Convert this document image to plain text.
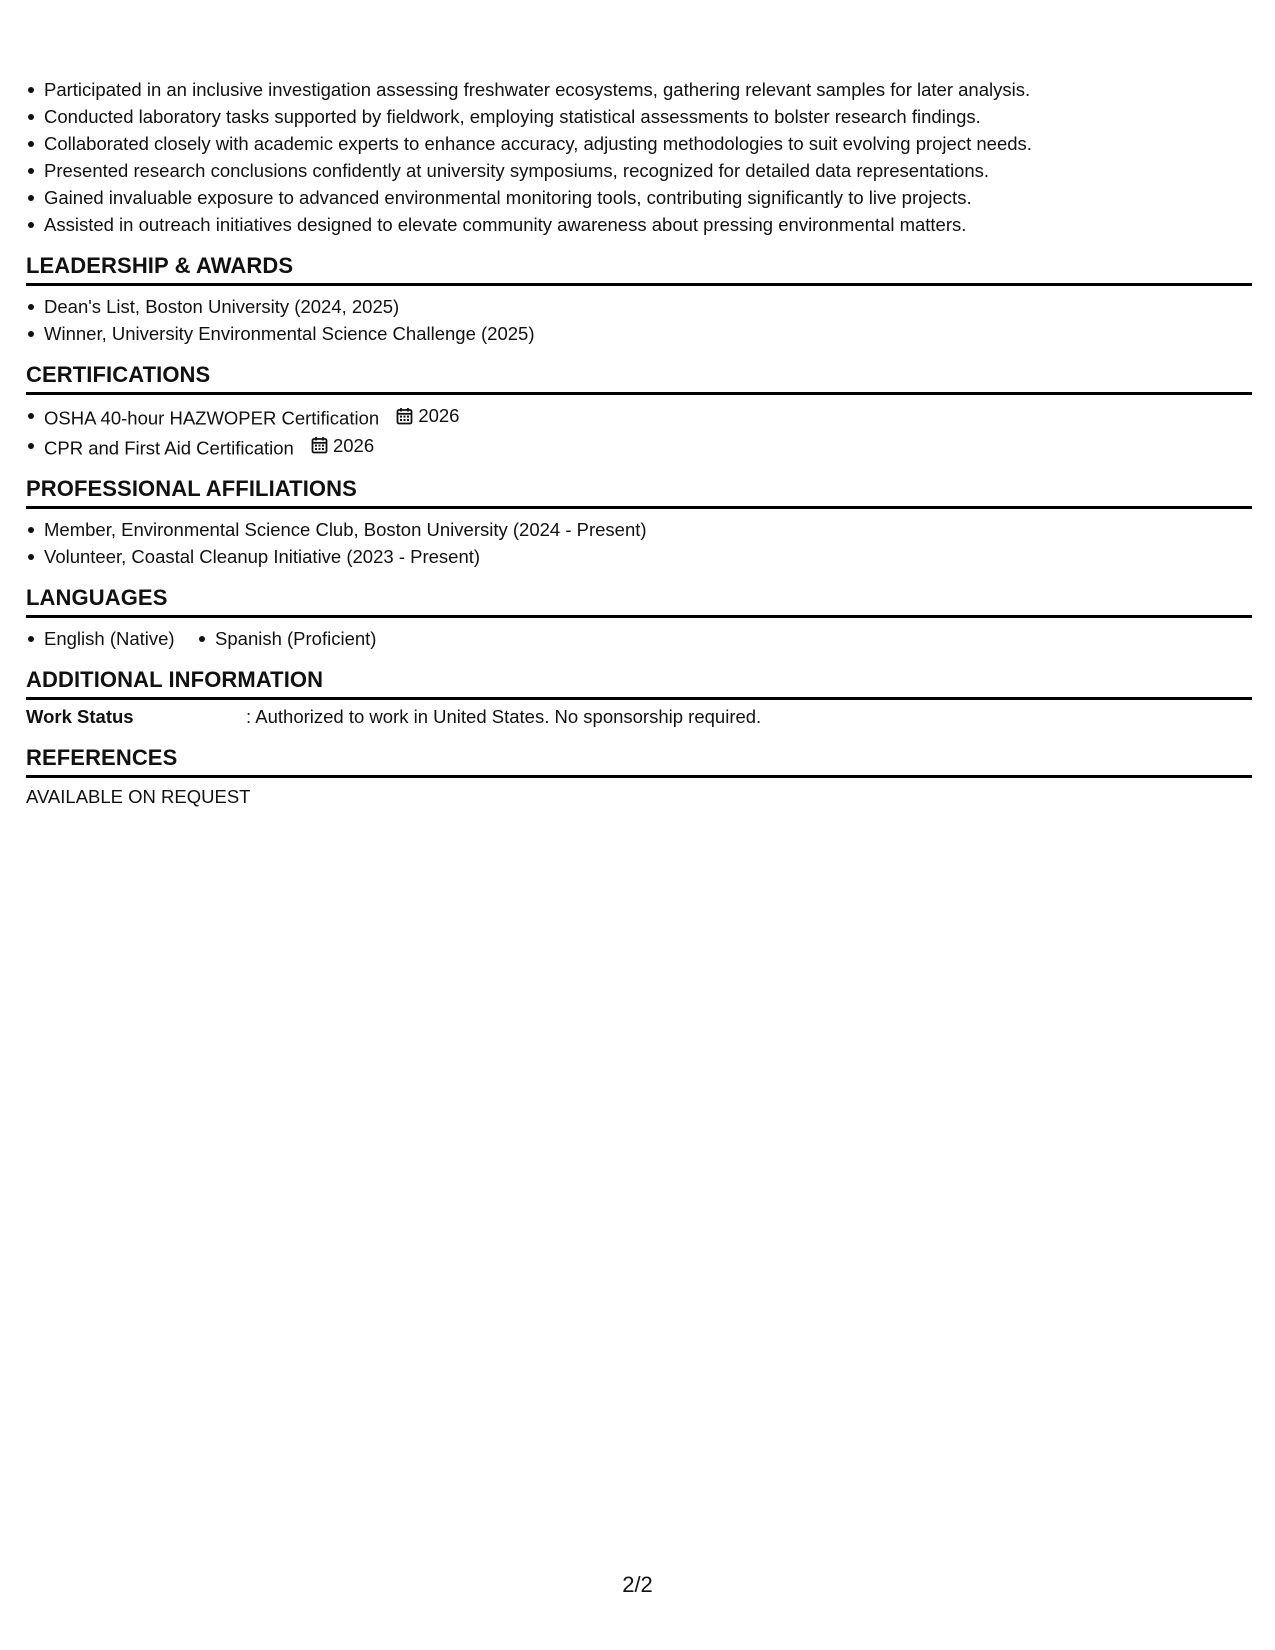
Participated in an inclusive investigation assessing freshwater ecosystems, gathering relevant samples for later analysis.
Conducted laboratory tasks supported by fieldwork, employing statistical assessments to bolster research findings.
Collaborated closely with academic experts to enhance accuracy, adjusting methodologies to suit evolving project needs.
Presented research conclusions confidently at university symposiums, recognized for detailed data representations.
Gained invaluable exposure to advanced environmental monitoring tools, contributing significantly to live projects.
Assisted in outreach initiatives designed to elevate community awareness about pressing environmental matters.
LEADERSHIP & AWARDS
Dean's List, Boston University (2024, 2025)
Winner, University Environmental Science Challenge (2025)
CERTIFICATIONS
OSHA 40-hour HAZWOPER Certification 2026
CPR and First Aid Certification 2026
PROFESSIONAL AFFILIATIONS
Member, Environmental Science Club, Boston University (2024 - Present)
Volunteer, Coastal Cleanup Initiative (2023 - Present)
LANGUAGES
English (Native) Spanish (Proficient)
ADDITIONAL INFORMATION
Work Status	: Authorized to work in United States. No sponsorship required.
REFERENCES
AVAILABLE ON REQUEST
2/2
